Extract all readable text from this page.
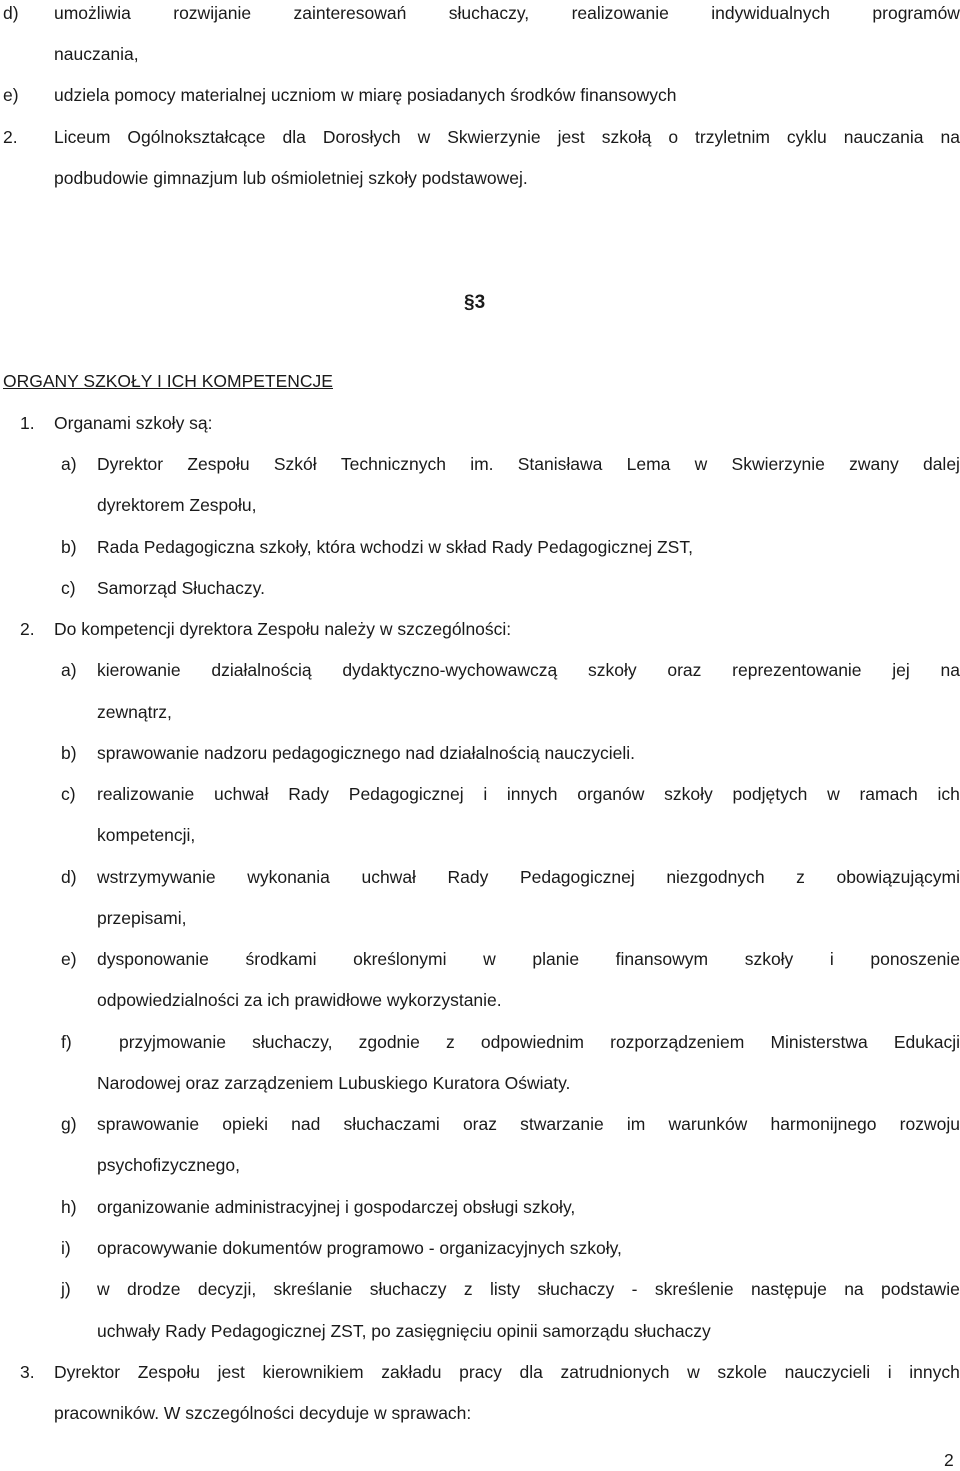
d) umożliwia rozwijanie zainteresowań słuchaczy, realizowanie indywidualnych programów
nauczania,
e) udziela pomocy materialnej uczniom w miarę posiadanych środków finansowych
2. Liceum Ogólnokształcące dla Dorosłych w Skwierzynie jest szkołą o trzyletnim cyklu nauczania na
podbudowie gimnazjum lub ośmioletniej szkoły podstawowej.
§3
ORGANY SZKOŁY I ICH KOMPETENCJE
1. Organami szkoły są:
a) Dyrektor Zespołu Szkół Technicznych im. Stanisława Lema w Skwierzynie zwany dalej
dyrektorem Zespołu,
b) Rada Pedagogiczna szkoły, która wchodzi w skład Rady Pedagogicznej ZST,
c) Samorząd Słuchaczy.
2. Do kompetencji dyrektora Zespołu należy w szczególności:
a) kierowanie działalnością dydaktyczno-wychowawczą szkoły oraz reprezentowanie jej na
zewnątrz,
b) sprawowanie nadzoru pedagogicznego nad działalnością nauczycieli.
c) realizowanie uchwał Rady Pedagogicznej i innych organów szkoły podjętych w ramach ich
kompetencji,
d) wstrzymywanie wykonania uchwał Rady Pedagogicznej niezgodnych z obowiązującymi
przepisami,
e) dysponowanie środkami określonymi w planie finansowym szkoły i ponoszenie
odpowiedzialności za ich prawidłowe wykorzystanie.
f)	przyjmowanie słuchaczy, zgodnie z odpowiednim rozporządzeniem Ministerstwa Edukacji
Narodowej oraz zarządzeniem Lubuskiego Kuratora Oświaty.
g) sprawowanie opieki nad słuchaczami oraz stwarzanie im warunków harmonijnego rozwoju
psychofizycznego,
h) organizowanie administracyjnej i gospodarczej obsługi szkoły,
i) opracowywanie dokumentów programowo - organizacyjnych szkoły,
j) w drodze decyzji, skreślanie słuchaczy z listy słuchaczy - skreślenie następuje na podstawie
uchwały Rady Pedagogicznej ZST, po zasięgnięciu opinii samorządu słuchaczy
3. Dyrektor Zespołu jest kierownikiem zakładu pracy dla zatrudnionych w szkole nauczycieli i innych
pracowników. W szczególności decyduje w sprawach:
2
